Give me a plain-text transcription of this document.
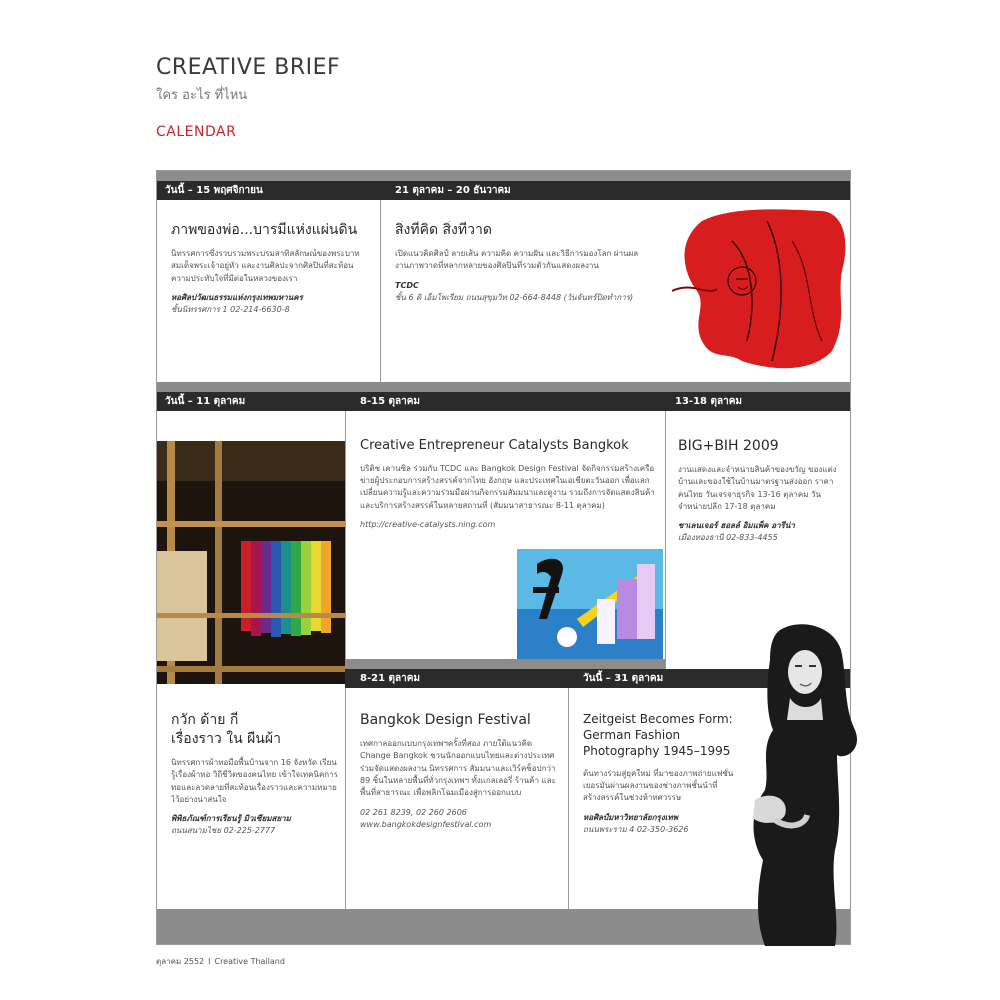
CREATIVE BRIEF
ใคร อะไร ที่ไหน
CALENDAR
วันนี้ – 15 พฤศจิกายน	21 ตุลาคม – 20 ธันวาคม
ภาพของพ่อ...บารมีแห่งแผ่นดิน

นิทรรศการซึ่งรวบรวมพระบรมสาทิสลักษณ์ของพระบาทสมเด็จพระเจ้าอยู่หัว และงานศิลปะจากศิลปินที่สะท้อนความประทับใจที่มีต่อในหลวงของเรา

หอศิลปวัฒนธรรมแห่งกรุงเทพมหานคร
ชั้นนิทรรศการ 1 02-214-6630-8
สิ่งที่คิด สิ่งที่วาด

เปิดแนวคิดศิลป์ ลายเส้น ความคิด ความฝัน และวิธีการมองโลก ผ่านผลงานภาพวาดที่หลากหลายของศิลปินที่รวมตัวกันแสดงผลงาน

TCDC
ชั้น 6 ดิ เอ็มโพเรียม ถนนสุขุมวิท 02-664-8448 (วันจันทร์ปิดทำการ)
วันนี้ – 11 ตุลาคม	8-15 ตุลาคม	13-18 ตุลาคม
Creative Entrepreneur Catalysts Bangkok

บริติช เคานซิล ร่วมกับ TCDC และ Bangkok Design Festival จัดกิจกรรมสร้างเครือข่ายผู้ประกอบการสร้างสรรค์จากไทย อังกฤษ และประเทศในเอเชียตะวันออก เพื่อแลกเปลี่ยนความรู้และความร่วมมือผ่านกิจกรรมสัมมนาและดูงาน รวมถึงการจัดแสดงสินค้าและบริการสร้างสรรค์ในหลายสถานที่ (สัมมนาสาธารณะ 8-11 ตุลาคม)

http://creative-catalysts.ning.com
BIG+BIH 2009

งานแสดงและจำหน่ายสินค้าของขวัญ ของแต่งบ้านและของใช้ในบ้านมาตรฐานส่งออก ราคาคนไทย วันเจรจาธุรกิจ 13-16 ตุลาคม วันจำหน่ายปลีก 17-18 ตุลาคม

ชาเลนเจอร์ ฮอลล์ อิมแพ็ค อารีน่า
เมืองทองธานี 02-833-4455
8-21 ตุลาคม	วันนี้ – 31 ตุลาคม
กวัก ด้าย กี่
เรื่องราว ใน ผืนผ้า

นิทรรศการผ้าทอมือพื้นบ้านจาก 16 จังหวัด เรียนรู้เรื่องผ้าทอ วิถีชีวิตของคนไทย เข้าใจเทคนิคการทอและลวดลายที่สะท้อนเรื่องราวและความหมายไว้อย่างน่าสนใจ

พิพิธภัณฑ์การเรียนรู้ มิวเซียมสยาม
ถนนสนามไชย 02-225-2777
Bangkok Design Festival

เทศกาลออกแบบกรุงเทพฯครั้งที่สอง ภายใต้แนวคิด Change Bangkok ชวนนักออกแบบไทยและต่างประเทศร่วมจัดแสดงผลงาน นิทรรศการ สัมมนาและเวิร์คช็อปกว่า 89 ชิ้นในหลายพื้นที่ทั่วกรุงเทพฯ ทั้งแกลเลอรี่ ร้านค้า และพื้นที่สาธารณะ เพื่อพลิกโฉมเมืองสู่การออกแบบ

02 261 8239, 02 260 2606
www.bangkokdesignfestival.com
Zeitgeist Becomes Form: German Fashion Photography 1945–1995

ต้นทางร่วมสู่ยุคใหม่ ที่มาของภาพถ่ายแฟชั่นเยอรมันผ่านผลงานของช่างภาพชั้นนำที่สร้างสรรค์ในช่วงห้าทศวรรษ

หอศิลป์มหาวิทยาลัยกรุงเทพ
ถนนพระราม 4 02-350-3626
ตุลาคม 2552 I Creative Thailand
